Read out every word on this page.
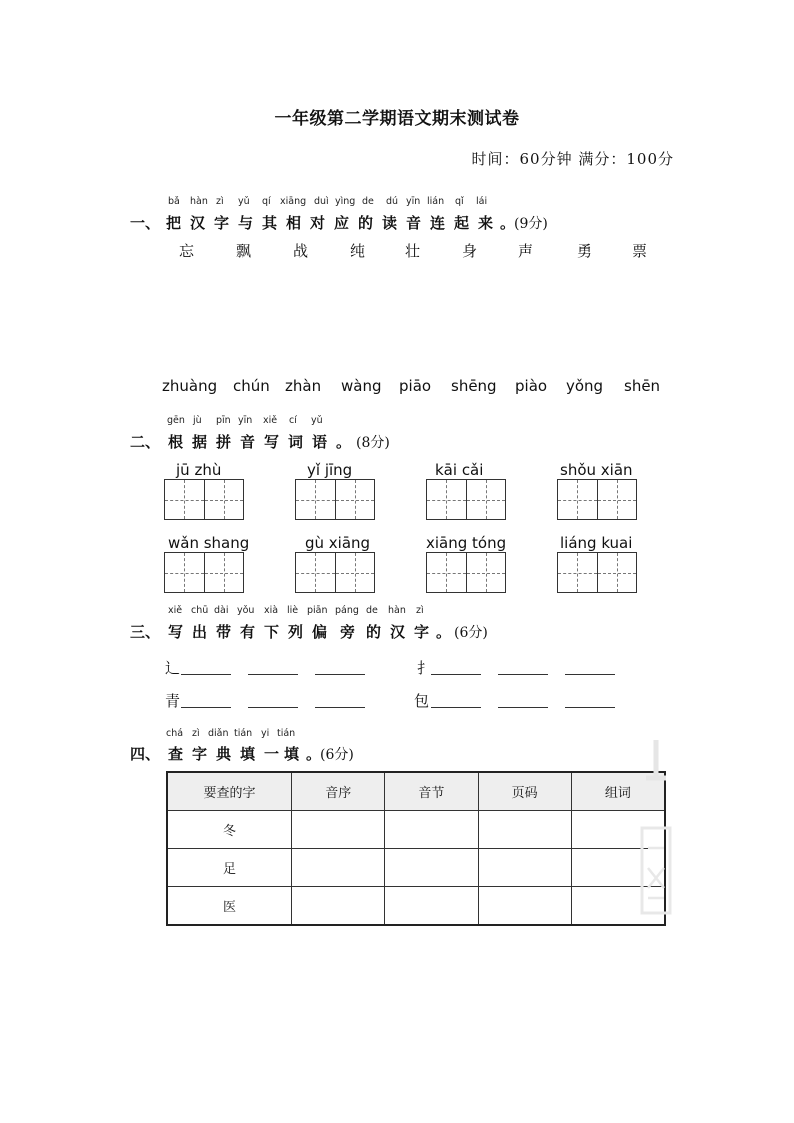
一年级第二学期语文期末测试卷
时间：60分钟 满分：100分
bǎ hàn zì yǔ qí xiāng duì yìng de dú yīn lián qǐ lái
一、 把 汉 字 与 其 相 对 应 的 读 音 连 起 来 。
(9分)
忘	飘	战	纯	壮	身	声	勇	票
zhuàng chún zhàn wàng piāo shēng piào yǒng shēn
gēn jù pīn yīn xiě cí yǔ
二、 根 据 拼 音 写 词 语 。 (8分)
jū zhù	yǐ jīng	kāi cǎi	shǒu xiān
wǎn shang	gù xiāng	xiāng tóng	liáng kuai
xiě chū dài yǒu xià liè piān páng de hàn zì
三、 写 出 带 有 下 列 偏 旁 的 汉 字 。 (6分)
辶	扌
青	包
chá zì diǎn tián yi tián
四、 查 字 典 填 一 填 。
(6分)
要查的字	音序	音节	页码	组词
冬				
足				
医				
